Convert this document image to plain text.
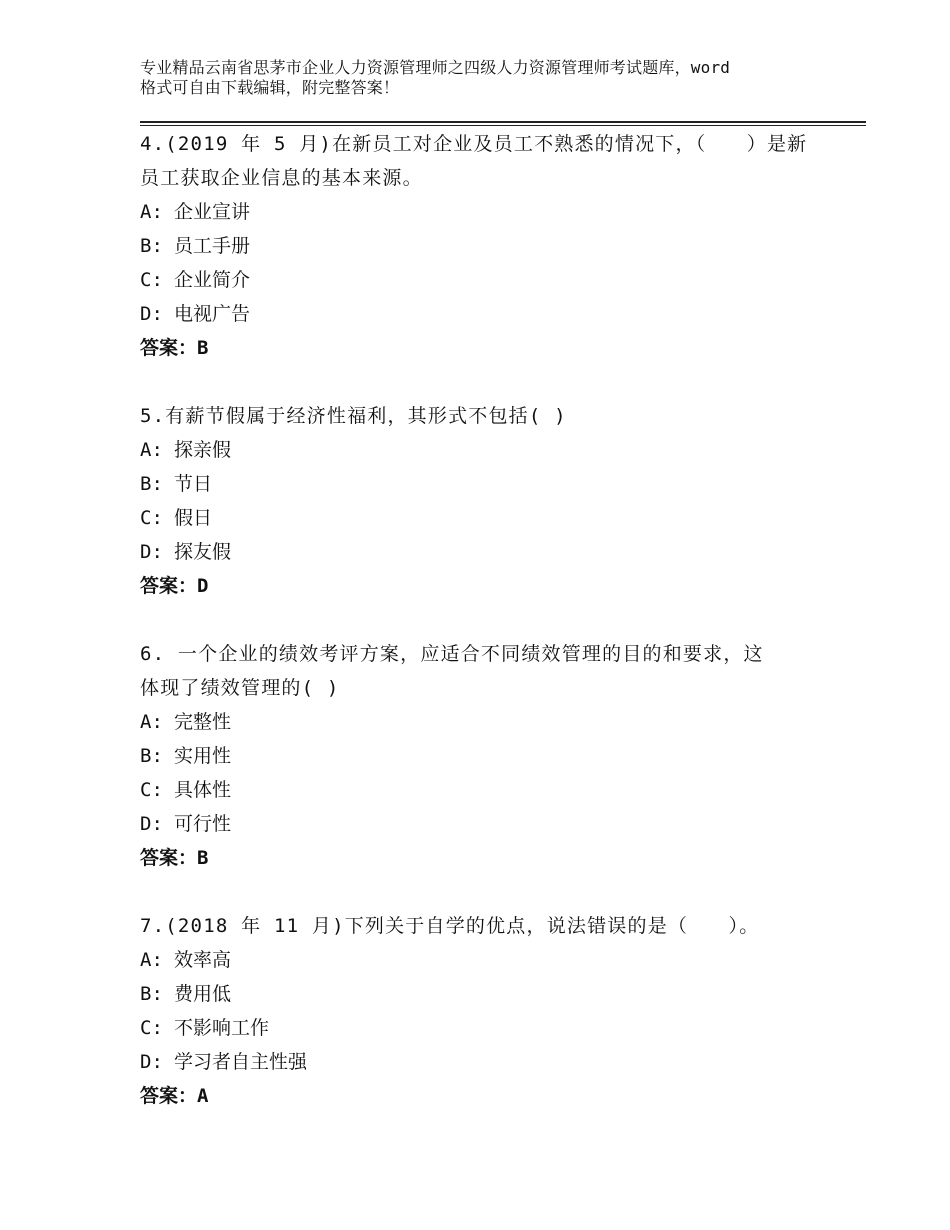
专业精品云南省思茅市企业人力资源管理师之四级人力资源管理师考试题库，word
格式可自由下载编辑，附完整答案！
4.(2019 年 5 月)在新员工对企业及员工不熟悉的情况下，（　　）是新
员工获取企业信息的基本来源。
A: 企业宣讲
B: 员工手册
C: 企业简介
D: 电视广告
答案：B
5.有薪节假属于经济性福利，其形式不包括( )
A: 探亲假
B: 节日
C: 假日
D: 探友假
答案：D
6. 一个企业的绩效考评方案，应适合不同绩效管理的目的和要求，这
体现了绩效管理的( )
A: 完整性
B: 实用性
C: 具体性
D: 可行性
答案：B
7.(2018 年 11 月)下列关于自学的优点，说法错误的是（　　）。
A: 效率高
B: 费用低
C: 不影响工作
D: 学习者自主性强
答案：A
